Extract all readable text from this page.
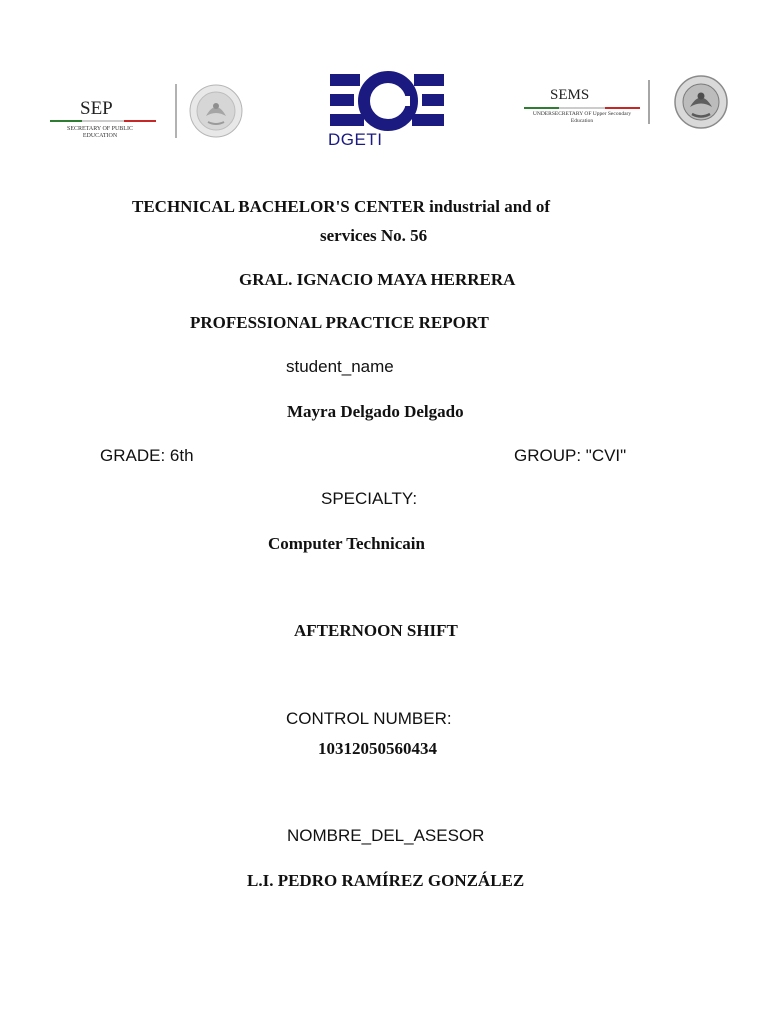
SEP
SECRETARY OF PUBLIC EDUCATION	DGETI
SEMS
UNDERSECRETARY OF Upper Secondary Education
TECHNICAL BACHELOR'S CENTER industrial and of
services No. 56
GRAL. IGNACIO MAYA HERRERA
PROFESSIONAL PRACTICE REPORT
student_name
Mayra Delgado Delgado
GRADE: 6th	GROUP: "CVI"
SPECIALTY:
Computer Technicain
AFTERNOON SHIFT
CONTROL NUMBER:
10312050560434
NOMBRE_DEL_ASESOR
L.I. PEDRO RAMÍREZ GONZÁLEZ
